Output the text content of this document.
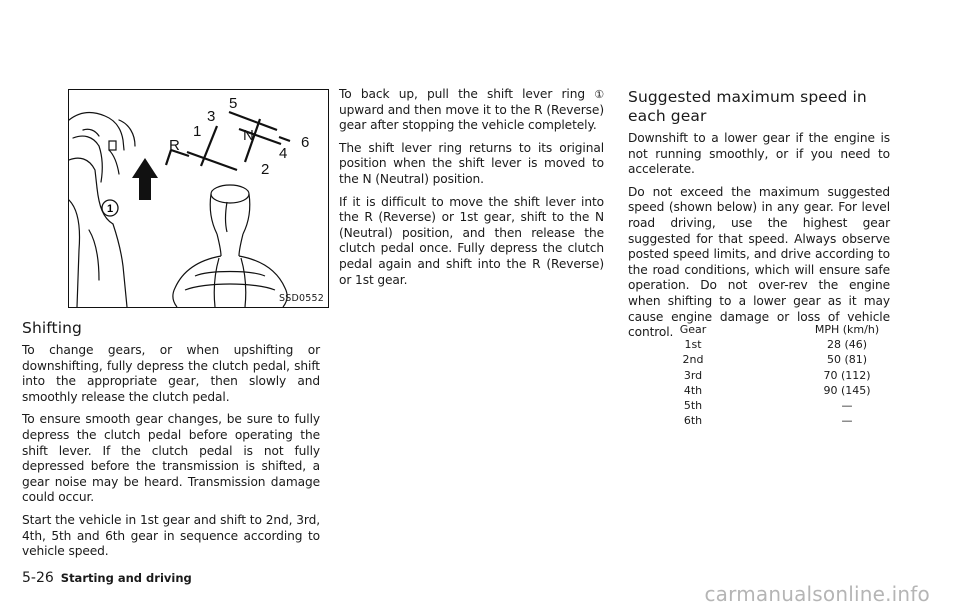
1
R
1
3
5
N	6
4
2
SSD0552
Shifting

To change gears, or when upshifting or downshifting, fully depress the clutch pedal, shift into the appropriate gear, then slowly and smoothly release the clutch pedal.

To ensure smooth gear changes, be sure to fully depress the clutch pedal before operating the shift lever. If the clutch pedal is not fully depressed before the transmission is shifted, a gear noise may be heard. Transmission damage could occur.

Start the vehicle in 1st gear and shift to 2nd, 3rd, 4th, 5th and 6th gear in sequence according to vehicle speed.

To back up, pull the shift lever ring ① upward and then move it to the R (Reverse) gear after stopping the vehicle completely.

The shift lever ring returns to its original position when the shift lever is moved to the N (Neutral) position.

If it is difficult to move the shift lever into the R (Reverse) or 1st gear, shift to the N (Neutral) position, and then release the clutch pedal once. Fully depress the clutch pedal again and shift into the R (Reverse) or 1st gear.

Suggested maximum speed in each gear

Downshift to a lower gear if the engine is not running smoothly, or if you need to accelerate.

Do not exceed the maximum suggested speed (shown below) in any gear. For level road driving, use the highest gear suggested for that speed. Always observe posted speed limits, and drive according to the road conditions, which will ensure safe operation. Do not over-rev the engine when shifting to a lower gear as it may cause engine damage or loss of vehicle control. Gear	MPH (km/h)
1st	28 (46)
2nd	50 (81)
3rd	70 (112)
4th	90 (145)
5th	—
6th	—
5-26 Starting and driving
carmanualsonline.info
